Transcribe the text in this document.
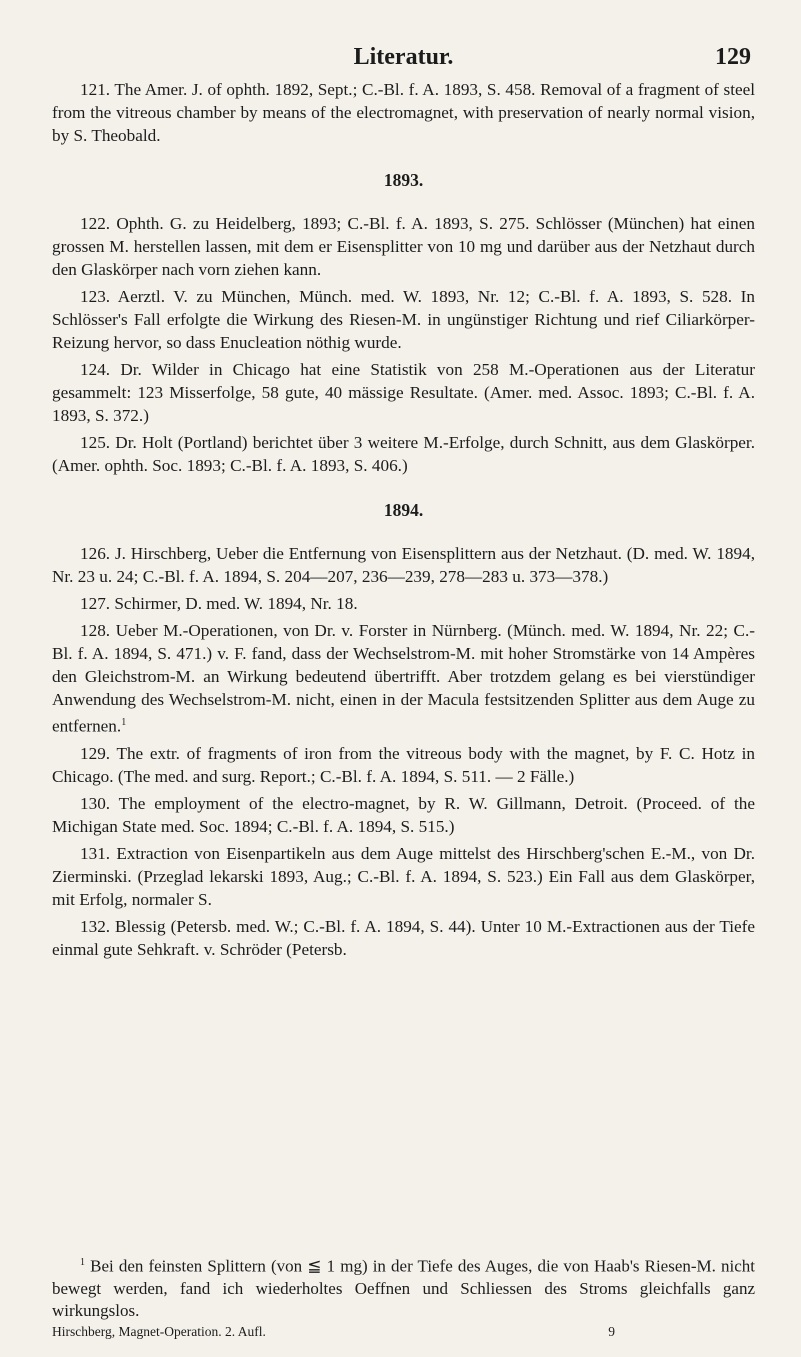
Literatur.	129

121. The Amer. J. of ophth. 1892, Sept.; C.-Bl. f. A. 1893, S. 458. Removal of a fragment of steel from the vitreous chamber by means of the electromagnet, with preservation of nearly normal vision, by S. Theobald.

1893.

122. Ophth. G. zu Heidelberg, 1893; C.-Bl. f. A. 1893, S. 275. Schlösser (München) hat einen grossen M. herstellen lassen, mit dem er Eisensplitter von 10 mg und darüber aus der Netzhaut durch den Glaskörper nach vorn ziehen kann.

123. Aerztl. V. zu München, Münch. med. W. 1893, Nr. 12; C.-Bl. f. A. 1893, S. 528. In Schlösser's Fall erfolgte die Wirkung des Riesen-M. in ungünstiger Richtung und rief Ciliarkörper-Reizung hervor, so dass Enucleation nöthig wurde.

124. Dr. Wilder in Chicago hat eine Statistik von 258 M.-Operationen aus der Literatur gesammelt: 123 Misserfolge, 58 gute, 40 mässige Resultate. (Amer. med. Assoc. 1893; C.-Bl. f. A. 1893, S. 372.)

125. Dr. Holt (Portland) berichtet über 3 weitere M.-Erfolge, durch Schnitt, aus dem Glaskörper. (Amer. ophth. Soc. 1893; C.-Bl. f. A. 1893, S. 406.)

1894.

126. J. Hirschberg, Ueber die Entfernung von Eisensplittern aus der Netzhaut. (D. med. W. 1894, Nr. 23 u. 24; C.-Bl. f. A. 1894, S. 204—207, 236—239, 278—283 u. 373—378.)

127. Schirmer, D. med. W. 1894, Nr. 18.

128. Ueber M.-Operationen, von Dr. v. Forster in Nürnberg. (Münch. med. W. 1894, Nr. 22; C.-Bl. f. A. 1894, S. 471.) v. F. fand, dass der Wechselstrom-M. mit hoher Stromstärke von 14 Ampères den Gleichstrom-M. an Wirkung bedeutend übertrifft. Aber trotzdem gelang es bei vierstündiger Anwendung des Wechselstrom-M. nicht, einen in der Macula festsitzenden Splitter aus dem Auge zu entfernen.$^1$

129. The extr. of fragments of iron from the vitreous body with the magnet, by F. C. Hotz in Chicago. (The med. and surg. Report.; C.-Bl. f. A. 1894, S. 511. — 2 Fälle.)

130. The employment of the electro-magnet, by R. W. Gillmann, Detroit. (Proceed. of the Michigan State med. Soc. 1894; C.-Bl. f. A. 1894, S. 515.)

131. Extraction von Eisenpartikeln aus dem Auge mittelst des Hirschberg'schen E.-M., von Dr. Zierminski. (Przeglad lekarski 1893, Aug.; C.-Bl. f. A. 1894, S. 523.) Ein Fall aus dem Glaskörper, mit Erfolg, normaler S.

132. Blessig (Petersb. med. W.; C.-Bl. f. A. 1894, S. 44). Unter 10 M.-Extractionen aus der Tiefe einmal gute Sehkraft. v. Schröder (Petersb.

$^1$ Bei den feinsten Splittern (von ≦ 1 mg) in der Tiefe des Auges, die von Haab's Riesen-M. nicht bewegt werden, fand ich wiederholtes Oeffnen und Schliessen des Stroms gleichfalls ganz wirkungslos.

Hirschberg, Magnet-Operation. 2. Aufl.	9
